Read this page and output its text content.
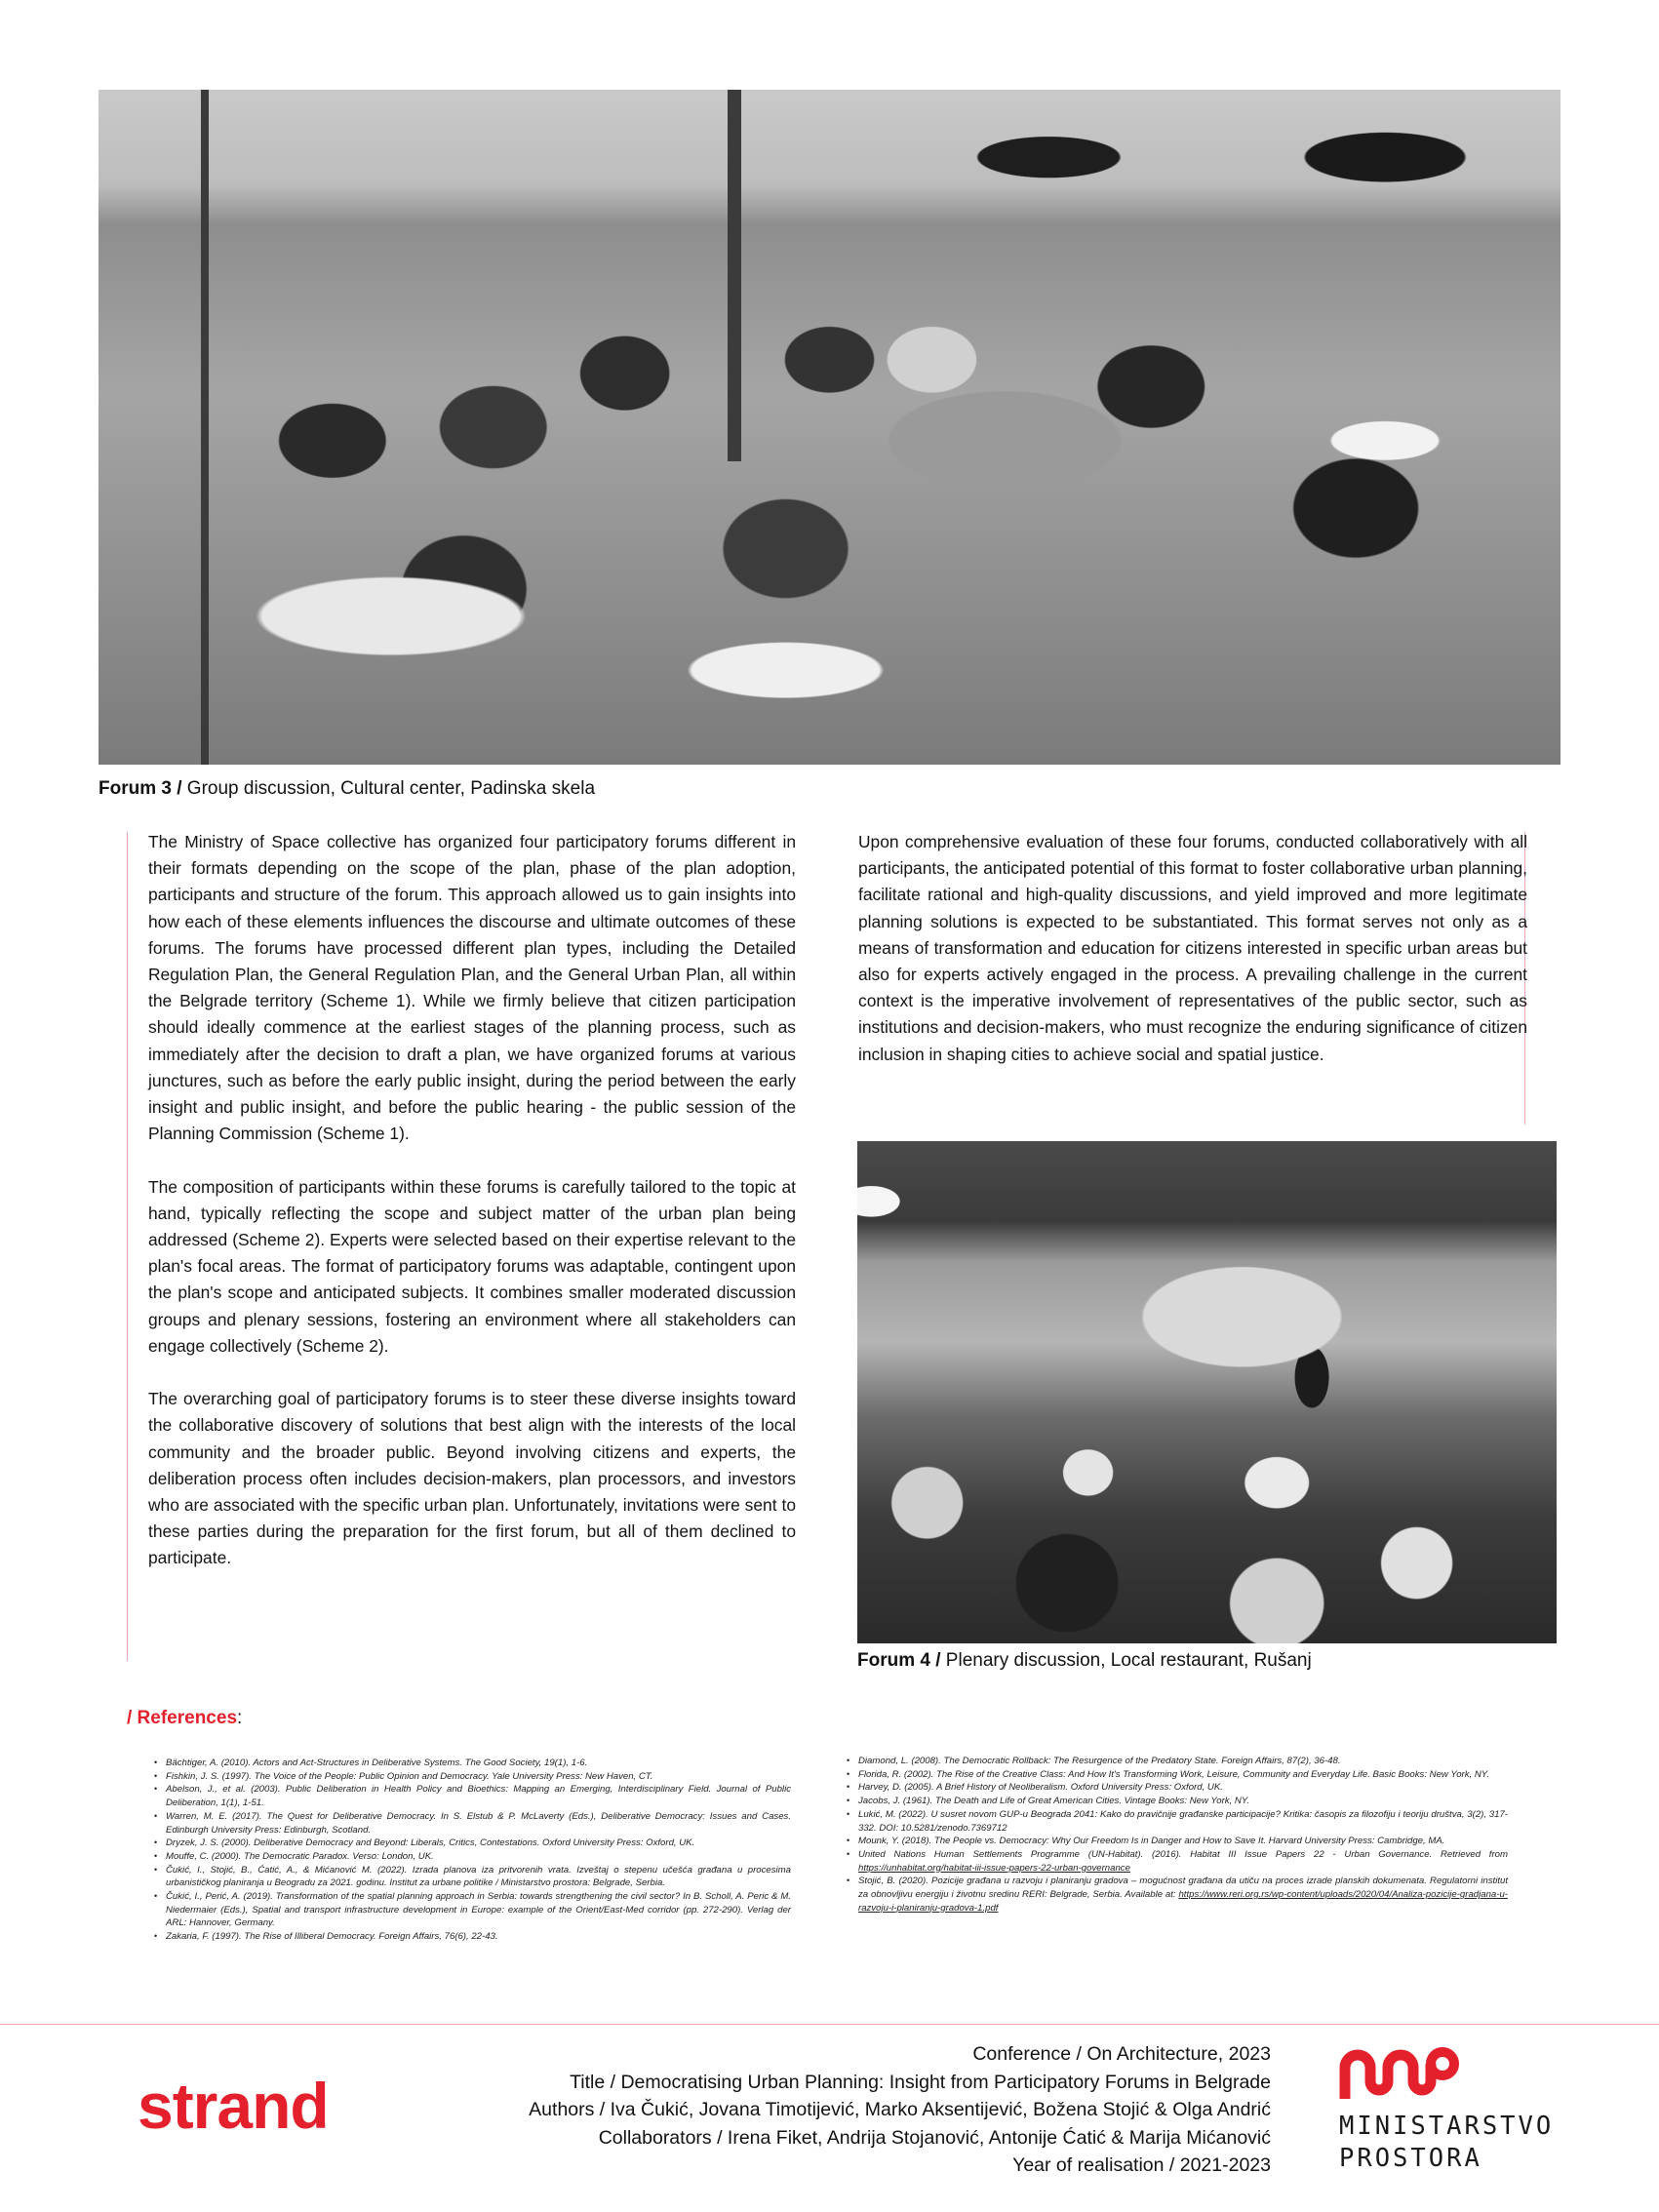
Forum 3 / Group discussion, Cultural center, Padinska skela

The Ministry of Space collective has organized four participatory forums different in their formats depending on the scope of the plan, phase of the plan adoption, participants and structure of the forum. This approach allowed us to gain insights into how each of these elements influences the discourse and ultimate outcomes of these forums. The forums have processed different plan types, including the Detailed Regulation Plan, the General Regulation Plan, and the General Urban Plan, all within the Belgrade territory (Scheme 1). While we firmly believe that citizen participation should ideally commence at the earliest stages of the planning process, such as immediately after the decision to draft a plan, we have organized forums at various junctures, such as before the early public insight, during the period between the early insight and public insight, and before the public hearing - the public session of the Planning Commission (Scheme 1).

The composition of participants within these forums is carefully tailored to the topic at hand, typically reflecting the scope and subject matter of the urban plan being addressed (Scheme 2). Experts were selected based on their expertise relevant to the plan's focal areas. The format of participatory forums was adaptable, contingent upon the plan's scope and anticipated subjects. It combines smaller moderated discussion groups and plenary sessions, fostering an environment where all stakeholders can engage collectively (Scheme 2).

The overarching goal of participatory forums is to steer these diverse insights toward the collaborative discovery of solutions that best align with the interests of the local community and the broader public. Beyond involving citizens and experts, the deliberation process often includes decision-makers, plan processors, and investors who are associated with the specific urban plan. Unfortunately, invitations were sent to these parties during the preparation for the first forum, but all of them declined to participate.

Upon comprehensive evaluation of these four forums, conducted collaboratively with all participants, the anticipated potential of this format to foster collaborative urban planning, facilitate rational and high-quality discussions, and yield improved and more legitimate planning solutions is expected to be substantiated. This format serves not only as a means of transformation and education for citizens interested in specific urban areas but also for experts actively engaged in the process. A prevailing challenge in the current context is the imperative involvement of representatives of the public sector, such as institutions and decision-makers, who must recognize the enduring significance of citizen inclusion in shaping cities to achieve social and spatial justice.

Forum 4 / Plenary discussion, Local restaurant, Rušanj
/ References:
• Bächtiger, A. (2010). Actors and Act-Structures in Deliberative Systems. The Good Society, 19(1), 1-6.
• Fishkin, J. S. (1997). The Voice of the People: Public Opinion and Democracy. Yale University Press: New Haven, CT.
• Abelson, J., et al. (2003). Public Deliberation in Health Policy and Bioethics: Mapping an Emerging, Interdisciplinary Field. Journal of Public Deliberation, 1(1), 1-51.
• Warren, M. E. (2017). The Quest for Deliberative Democracy. In S. Elstub & P. McLaverty (Eds.), Deliberative Democracy: Issues and Cases. Edinburgh University Press: Edinburgh, Scotland.
• Dryzek, J. S. (2000). Deliberative Democracy and Beyond: Liberals, Critics, Contestations. Oxford University Press: Oxford, UK.
• Mouffe, C. (2000). The Democratic Paradox. Verso: London, UK.
• Čukić, I., Stojić, B., Ćatić, A., & Mićanović M. (2022). Izrada planova iza pritvorenih vrata. Izveštaj o stepenu učešća građana u procesima urbanističkog planiranja u Beogradu za 2021. godinu. Institut za urbane politike / Ministarstvo prostora: Belgrade, Serbia.
• Čukić, I., Perić, A. (2019). Transformation of the spatial planning approach in Serbia: towards strengthening the civil sector? In B. Scholl, A. Peric & M. Niedermaier (Eds.), Spatial and transport infrastructure development in Europe: example of the Orient/East-Med corridor (pp. 272-290). Verlag der ARL: Hannover, Germany.
• Zakaria, F. (1997). The Rise of Illiberal Democracy. Foreign Affairs, 76(6), 22-43.
• Diamond, L. (2008). The Democratic Rollback: The Resurgence of the Predatory State. Foreign Affairs, 87(2), 36-48.
• Florida, R. (2002). The Rise of the Creative Class: And How It's Transforming Work, Leisure, Community and Everyday Life. Basic Books: New York, NY.
• Harvey, D. (2005). A Brief History of Neoliberalism. Oxford University Press: Oxford, UK.
• Jacobs, J. (1961). The Death and Life of Great American Cities. Vintage Books: New York, NY.
• Lukić, M. (2022). U susret novom GUP-u Beograda 2041: Kako do pravičnije građanske participacije? Kritika: časopis za filozofiju i teoriju društva, 3(2), 317-332. DOI: 10.5281/zenodo.7369712
• Mounk, Y. (2018). The People vs. Democracy: Why Our Freedom Is in Danger and How to Save It. Harvard University Press: Cambridge, MA.
• United Nations Human Settlements Programme (UN-Habitat). (2016). Habitat III Issue Papers 22 - Urban Governance. Retrieved from https://unhabitat.org/habitat-iii-issue-papers-22-urban-governance
• Stojić, B. (2020). Pozicije građana u razvoju i planiranju gradova – mogućnost građana da utiču na proces izrade planskih dokumenata. Regulatorni institut za obnovljivu energiju i životnu sredinu RERI: Belgrade, Serbia. Available at: https://www.reri.org.rs/wp-content/uploads/2020/04/Analiza-pozicije-gradjana-u-razvoju-i-planiranju-gradova-1.pdf
strand
Conference / On Architecture, 2023
Title / Democratising Urban Planning: Insight from Participatory Forums in Belgrade
Authors / Iva Čukić, Jovana Timotijević, Marko Aksentijević, Božena Stojić & Olga Andrić
Collaborators / Irena Fiket, Andrija Stojanović, Antonije Ćatić & Marija Mićanović
Year of realisation / 2021-2023
MINISTARSTVO
PROSTORA
